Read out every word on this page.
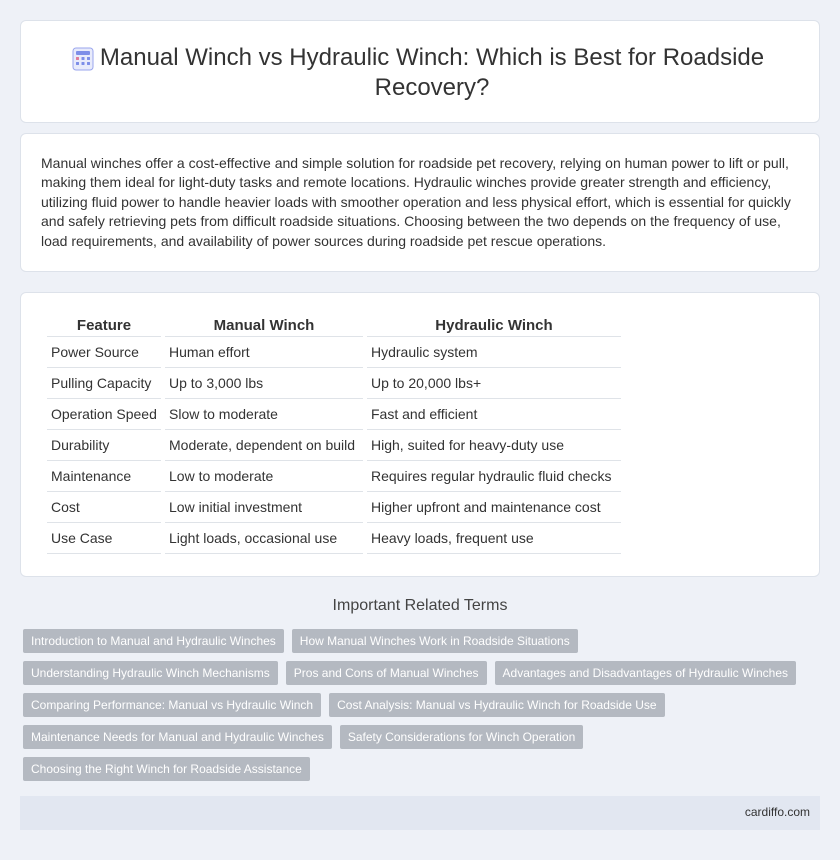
Manual Winch vs Hydraulic Winch: Which is Best for Roadside Recovery?

Manual winches offer a cost-effective and simple solution for roadside pet recovery, relying on human power to lift or pull, making them ideal for light-duty tasks and remote locations. Hydraulic winches provide greater strength and efficiency, utilizing fluid power to handle heavier loads with smoother operation and less physical effort, which is essential for quickly and safely retrieving pets from difficult roadside situations. Choosing between the two depends on the frequency of use, load requirements, and availability of power sources during roadside pet rescue operations.

Feature	Manual Winch	Hydraulic Winch
Power Source	Human effort	Hydraulic system
Pulling Capacity	Up to 3,000 lbs	Up to 20,000 lbs+
Operation Speed	Slow to moderate	Fast and efficient
Durability	Moderate, dependent on build	High, suited for heavy-duty use
Maintenance	Low to moderate	Requires regular hydraulic fluid checks
Cost	Low initial investment	Higher upfront and maintenance cost
Use Case	Light loads, occasional use	Heavy loads, frequent use
Important Related Terms
Introduction to Manual and Hydraulic Winches	How Manual Winches Work in Roadside Situations
Understanding Hydraulic Winch Mechanisms	Pros and Cons of Manual Winches	Advantages and Disadvantages of Hydraulic Winches
Comparing Performance: Manual vs Hydraulic Winch	Cost Analysis: Manual vs Hydraulic Winch for Roadside Use
Maintenance Needs for Manual and Hydraulic Winches	Safety Considerations for Winch Operation
Choosing the Right Winch for Roadside Assistance
cardiffo.com
